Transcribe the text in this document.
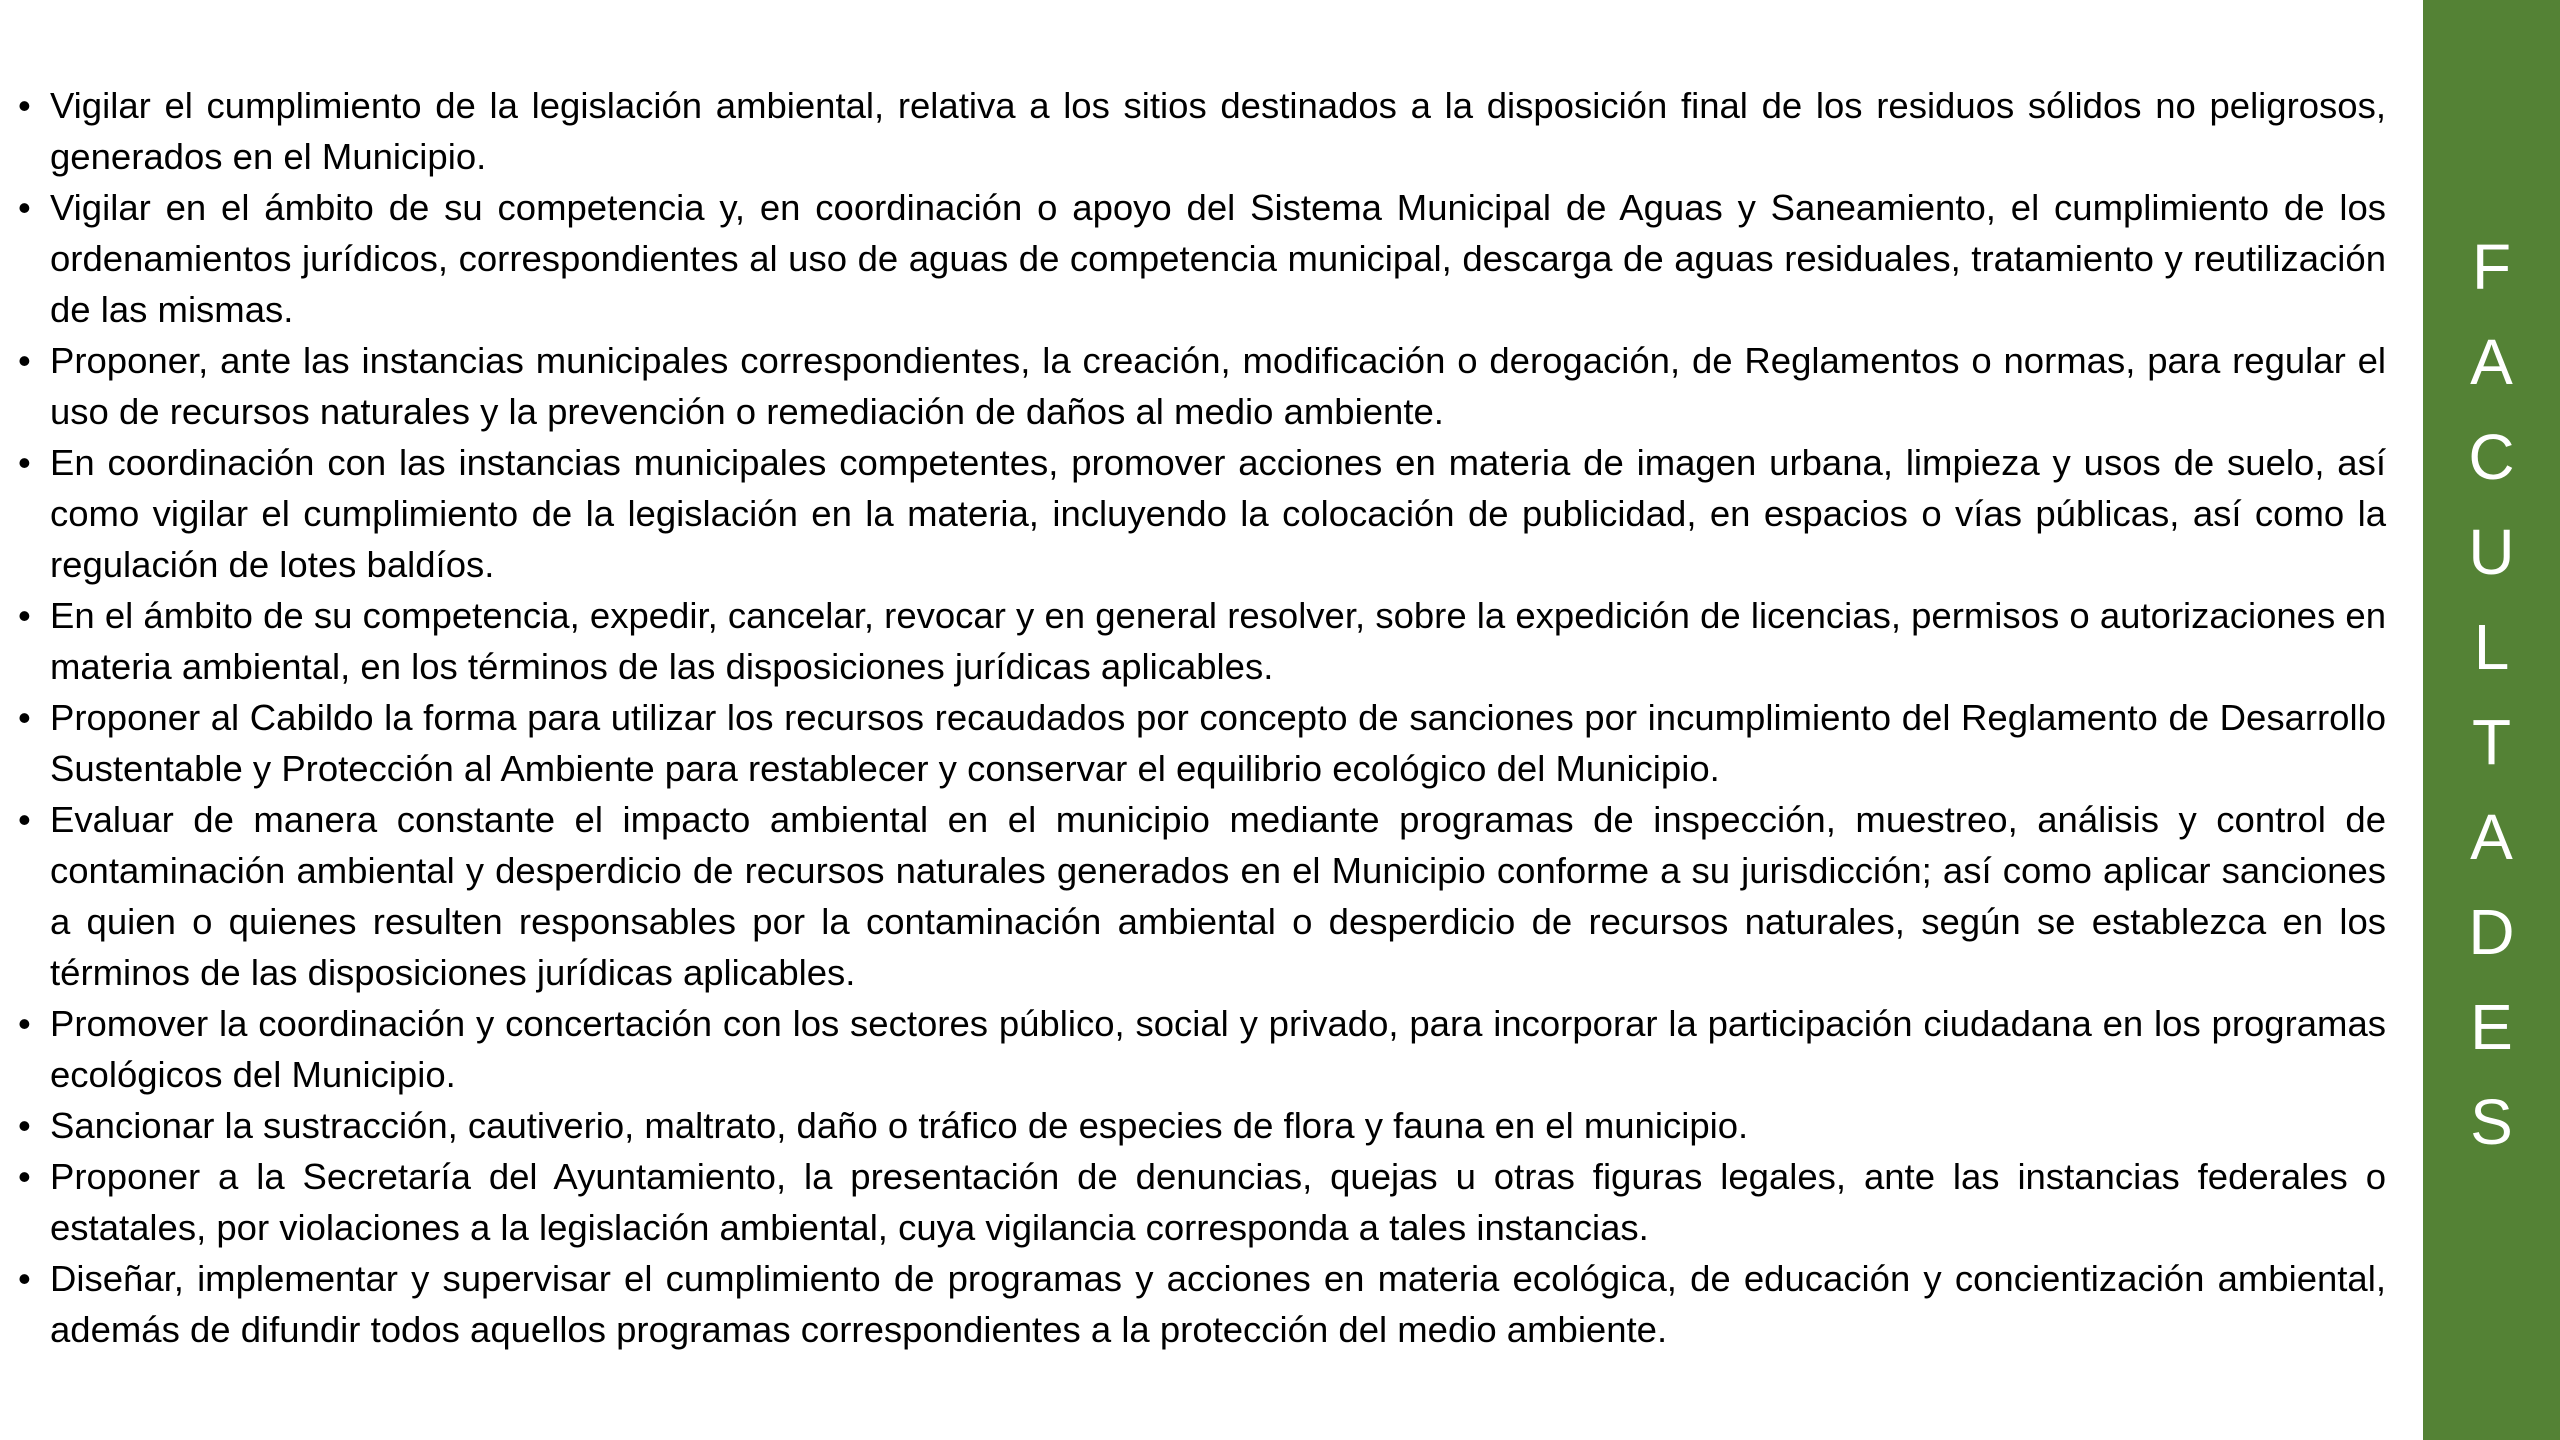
• Vigilar el cumplimiento de la legislación ambiental, relativa a los sitios destinados a la disposición final de los residuos sólidos no peligrosos, generados en el Municipio.
• Vigilar en el ámbito de su competencia y, en coordinación o apoyo del Sistema Municipal de Aguas y Saneamiento, el cumplimiento de los ordenamientos jurídicos, correspondientes al uso de aguas de competencia municipal, descarga de aguas residuales, tratamiento y reutilización de las mismas.
• Proponer, ante las instancias municipales correspondientes, la creación, modificación o derogación, de Reglamentos o normas, para regular el uso de recursos naturales y la prevención o remediación de daños al medio ambiente.
• En coordinación con las instancias municipales competentes, promover acciones en materia de imagen urbana, limpieza y usos de suelo, así como vigilar el cumplimiento de la legislación en la materia, incluyendo la colocación de publicidad, en espacios o vías públicas, así como la regulación de lotes baldíos.
• En el ámbito de su competencia, expedir, cancelar, revocar y en general resolver, sobre la expedición de licencias, permisos o autorizaciones en materia ambiental, en los términos de las disposiciones jurídicas aplicables.
• Proponer al Cabildo la forma para utilizar los recursos recaudados por concepto de sanciones por incumplimiento del Reglamento de Desarrollo Sustentable y Protección al Ambiente para restablecer y conservar el equilibrio ecológico del Municipio.
• Evaluar de manera constante el impacto ambiental en el municipio mediante programas de inspección, muestreo, análisis y control de contaminación ambiental y desperdicio de recursos naturales generados en el Municipio conforme a su jurisdicción; así como aplicar sanciones a quien o quienes resulten responsables por la contaminación ambiental o desperdicio de recursos naturales, según se establezca en los términos de las disposiciones jurídicas aplicables.
• Promover la coordinación y concertación con los sectores público, social y privado, para incorporar la participación ciudadana en los programas ecológicos del Municipio.
• Sancionar la sustracción, cautiverio, maltrato, daño o tráfico de especies de flora y fauna en el municipio.
• Proponer a la Secretaría del Ayuntamiento, la presentación de denuncias, quejas u otras figuras legales, ante las instancias federales o estatales, por violaciones a la legislación ambiental, cuya vigilancia corresponda a tales instancias.
• Diseñar, implementar y supervisar el cumplimiento de programas y acciones en materia ecológica, de educación y concientización ambiental, además de difundir todos aquellos programas correspondientes a la protección del medio ambiente.
F
A
C
U
L
T
A
D
E
S
